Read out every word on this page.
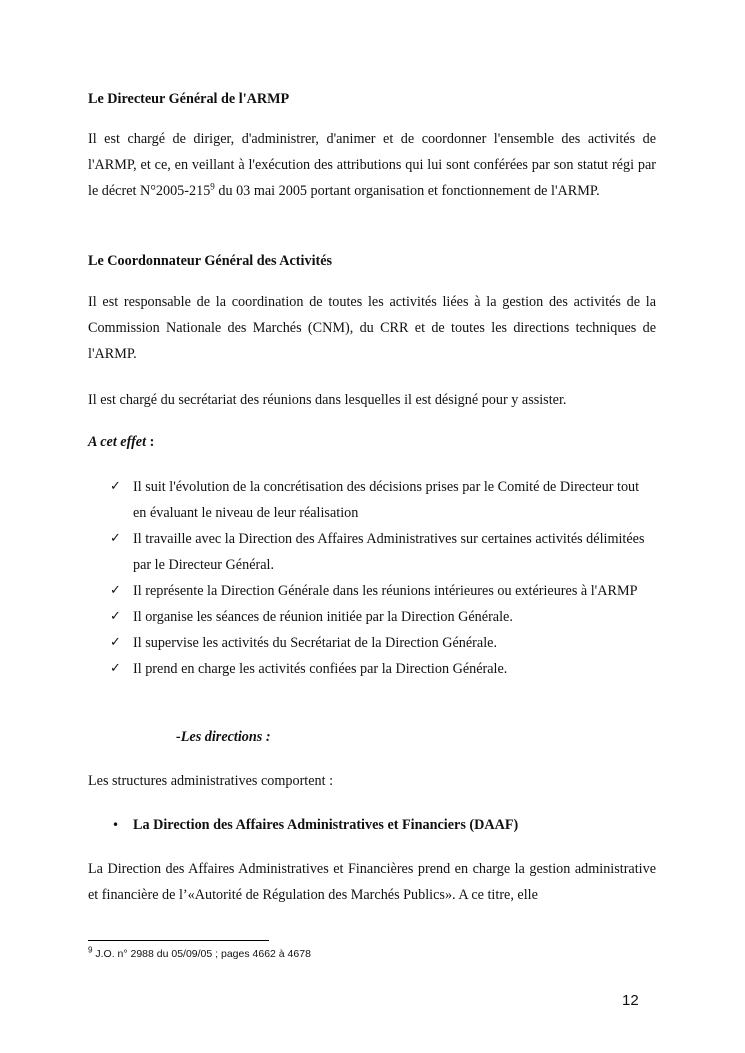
Le Directeur Général de l'ARMP

Il est chargé de diriger, d'administrer, d'animer et de coordonner l'ensemble des activités de l'ARMP, et ce, en veillant à l'exécution des attributions qui lui sont conférées par son statut régi par le décret $N^\circ 2005-215^9$ du 03 mai 2005 portant organisation et fonctionnement de l'ARMP.

Le Coordonnateur Général des Activités

Il est responsable de la coordination de toutes les activités liées à la gestion des activités de la Commission Nationale des Marchés (CNM), du CRR et de toutes les directions techniques de l'ARMP.

Il est chargé du secrétariat des réunions dans lesquelles il est désigné pour y assister.

A cet effet :

✓ Il suit l'évolution de la concrétisation des décisions prises par le Comité de Directeur tout en évaluant le niveau de leur réalisation
✓ Il travaille avec la Direction des Affaires Administratives sur certaines activités délimitées par le Directeur Général.
✓ Il représente la Direction Générale dans les réunions intérieures ou extérieures à l'ARMP
✓ Il organise les séances de réunion initiée par la Direction Générale.
✓ Il supervise les activités du Secrétariat de la Direction Générale.
✓ Il prend en charge les activités confiées par la Direction Générale.

-Les directions :

Les structures administratives comportent :

• La Direction des Affaires Administratives et Financiers (DAAF)

La Direction des Affaires Administratives et Financières prend en charge la gestion administrative et financière de l’«Autorité de Régulation des Marchés Publics». A ce titre, elle

$^9$ J.O. n° 2988 du 05/09/05 ; pages 4662 à 4678
12
